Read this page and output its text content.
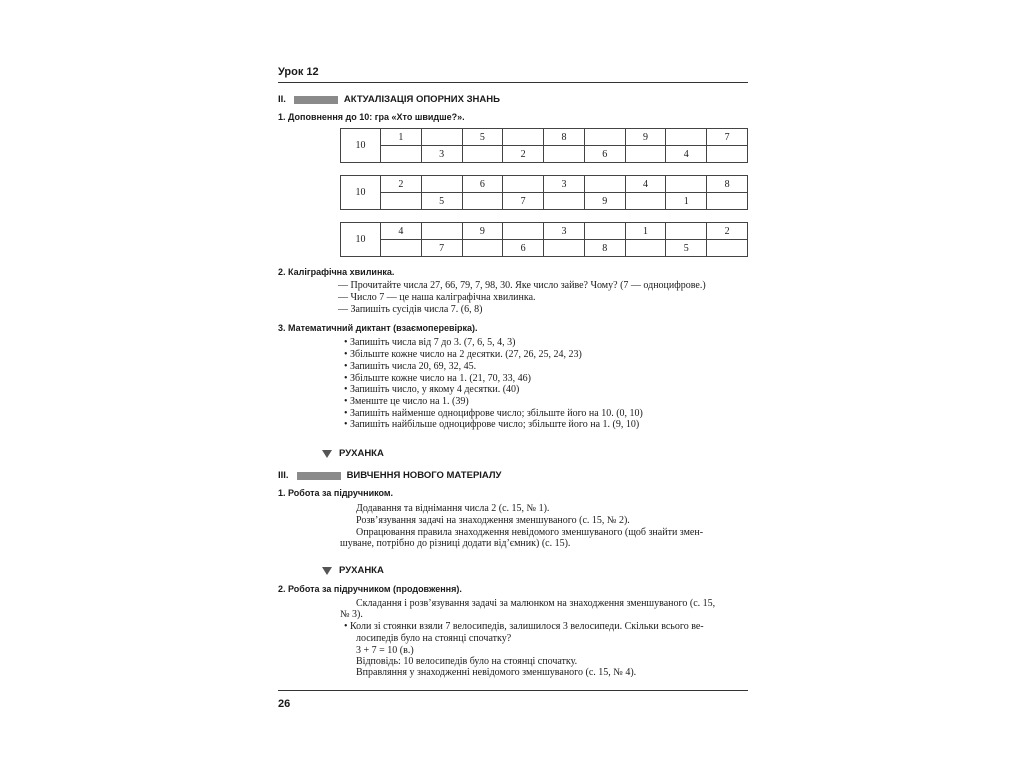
Урок 12
II.	АКТУАЛІЗАЦІЯ ОПОРНИХ ЗНАНЬ
1. Доповнення до 10: гра «Хто швидше?».
10	1		5		8		9		7
		3		2		6		4	
10	2		6		3		4		8
		5		7		9		1	
10	4		9		3		1		2
		7		6		8		5	
2. Каліграфічна хвилинка.
— Прочитайте числа 27, 66, 79, 7, 98, 30. Яке число зайве? Чому? (7 — одноцифрове.)
— Число 7 — це наша каліграфічна хвилинка.
— Запишіть сусідів числа 7. (6, 8)
3. Математичний диктант (взаємоперевірка).
• Запишіть числа від 7 до 3. (7, 6, 5, 4, 3)
• Збільште кожне число на 2 десятки. (27, 26, 25, 24, 23)
• Запишіть числа 20, 69, 32, 45.
• Збільште кожне число на 1. (21, 70, 33, 46)
• Запишіть число, у якому 4 десятки. (40)
• Зменште це число на 1. (39)
• Запишіть найменше одноцифрове число; збільште його на 10. (0, 10)
• Запишіть найбільше одноцифрове число; збільште його на 1. (9, 10)
РУХАНКА
III.	ВИВЧЕННЯ НОВОГО МАТЕРІАЛУ
1. Робота за підручником.
Додавання та віднімання числа 2 (с. 15, № 1).
Розв’язування задачі на знаходження зменшуваного (с. 15, № 2).
Опрацювання правила знаходження невідомого зменшуваного (щоб знайти змен-
шуване, потрібно до різниці додати від’ємник) (с. 15).
РУХАНКА
2. Робота за підручником (продовження).
Складання і розв’язування задачі за малюнком на знаходження зменшуваного (с. 15,
№ 3).
• Коли зі стоянки взяли 7 велосипедів, залишилося 3 велосипеди. Скільки всього ве-
лосипедів було на стоянці спочатку?
3 + 7 = 10 (в.)
Відповідь: 10 велосипедів було на стоянці спочатку.
Вправляння у знаходженні невідомого зменшуваного (с. 15, № 4).
26
